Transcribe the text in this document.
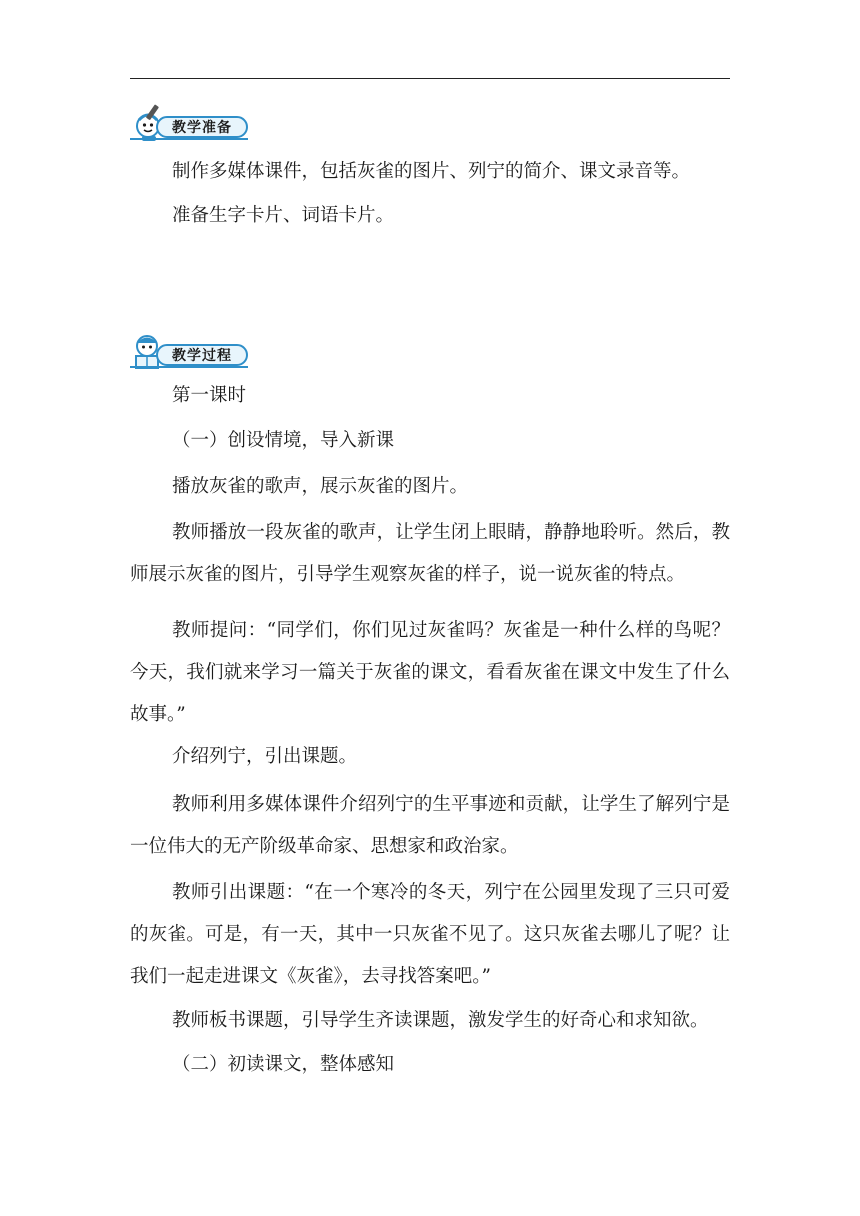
教学准备

制作多媒体课件，包括灰雀的图片、列宁的简介、课文录音等。

准备生字卡片、词语卡片。

教学过程

第一课时

（一）创设情境，导入新课

播放灰雀的歌声，展示灰雀的图片。

教师播放一段灰雀的歌声，让学生闭上眼睛，静静地聆听。然后，教师展示灰雀的图片，引导学生观察灰雀的样子，说一说灰雀的特点。

教师提问：“同学们，你们见过灰雀吗？灰雀是一种什么样的鸟呢？今天，我们就来学习一篇关于灰雀的课文，看看灰雀在课文中发生了什么故事。”

介绍列宁，引出课题。

教师利用多媒体课件介绍列宁的生平事迹和贡献，让学生了解列宁是一位伟大的无产阶级革命家、思想家和政治家。

教师引出课题：“在一个寒冷的冬天，列宁在公园里发现了三只可爱的灰雀。可是，有一天，其中一只灰雀不见了。这只灰雀去哪儿了呢？让我们一起走进课文《灰雀》，去寻找答案吧。”

教师板书课题，引导学生齐读课题，激发学生的好奇心和求知欲。

（二）初读课文，整体感知
